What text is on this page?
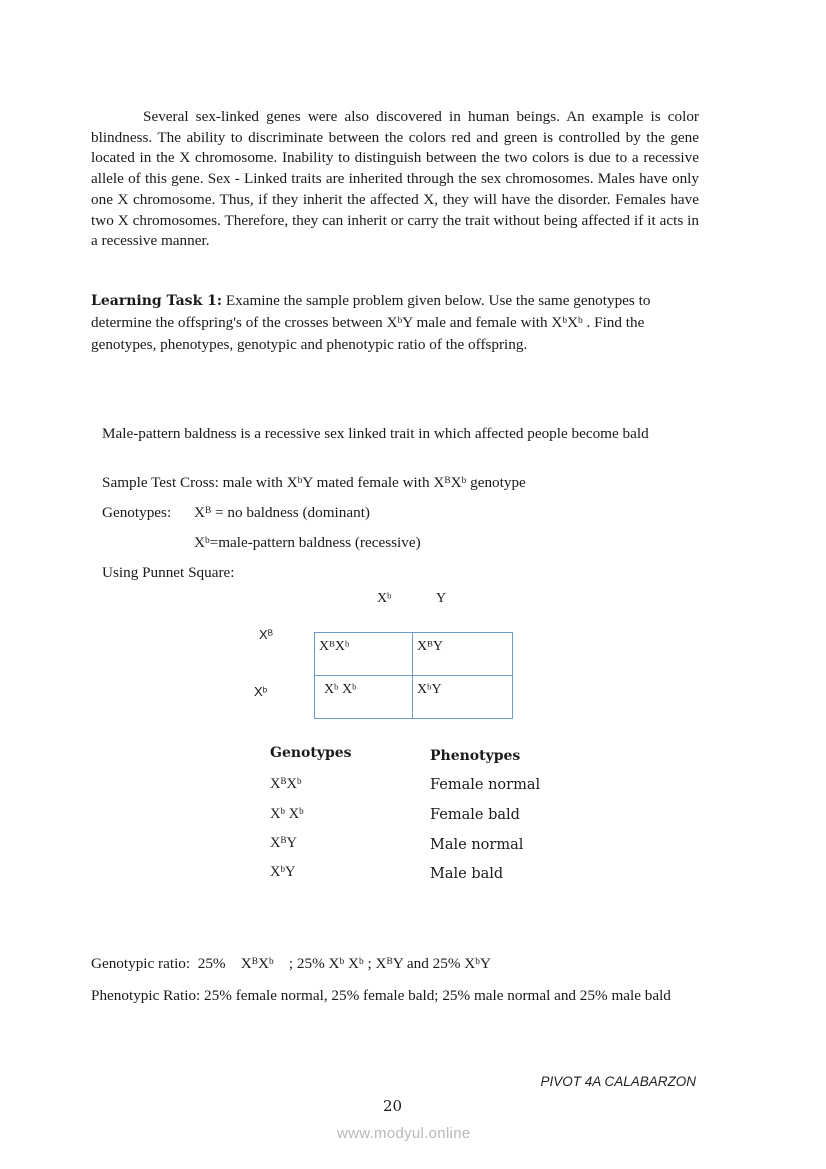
Several sex-linked genes were also discovered in human beings. An example is color blindness. The ability to discriminate between the colors red and green is controlled by the gene located in the X chromosome. Inability to distinguish between the two colors is due to a recessive allele of this gene. Sex - Linked traits are inherited through the sex chromosomes. Males have only one X chromosome. Thus, if they inherit the affected X, they will have the disorder. Females have two X chromosomes. Therefore, they can inherit or carry the trait without being affected if it acts in a recessive manner.

Learning Task 1: Examine the sample problem given below. Use the same genotypes to determine the offspring's of the crosses between $X^bY$ male and female with $X^bX^b$ . Find the genotypes, phenotypes, genotypic and phenotypic ratio of the offspring.
Male-pattern baldness is a recessive sex linked trait in which affected people become bald
Sample Test Cross: male with $X^bY$ mated female with $X^BX^b$ genotype
Genotypes: $X^B$ = no baldness (dominant)
$X^b=male$-pattern baldness (recessive)
Using Punnet Square:
$X^b$	Y
$X^B$
$X^b$
$X^BX^b$	$X^BY$
$X^b$ $X^b$	$X^bY$
Genotypes	Phenotypes
$X^BX^b$	Female normal
$X^b$ $X^b$	Female bald
$X^BY$	Male normal
$X^bY$	Male bald
Genotypic ratio:  25%    $X^BX^b$    ; 25% $X^b$ $X^b$ ; $X^BY$ and 25% $X^bY$
Phenotypic Ratio: 25% female normal, 25% female bald; 25% male normal and 25% male bald
PIVOT 4A CALABARZON
20
www.modyul.online
